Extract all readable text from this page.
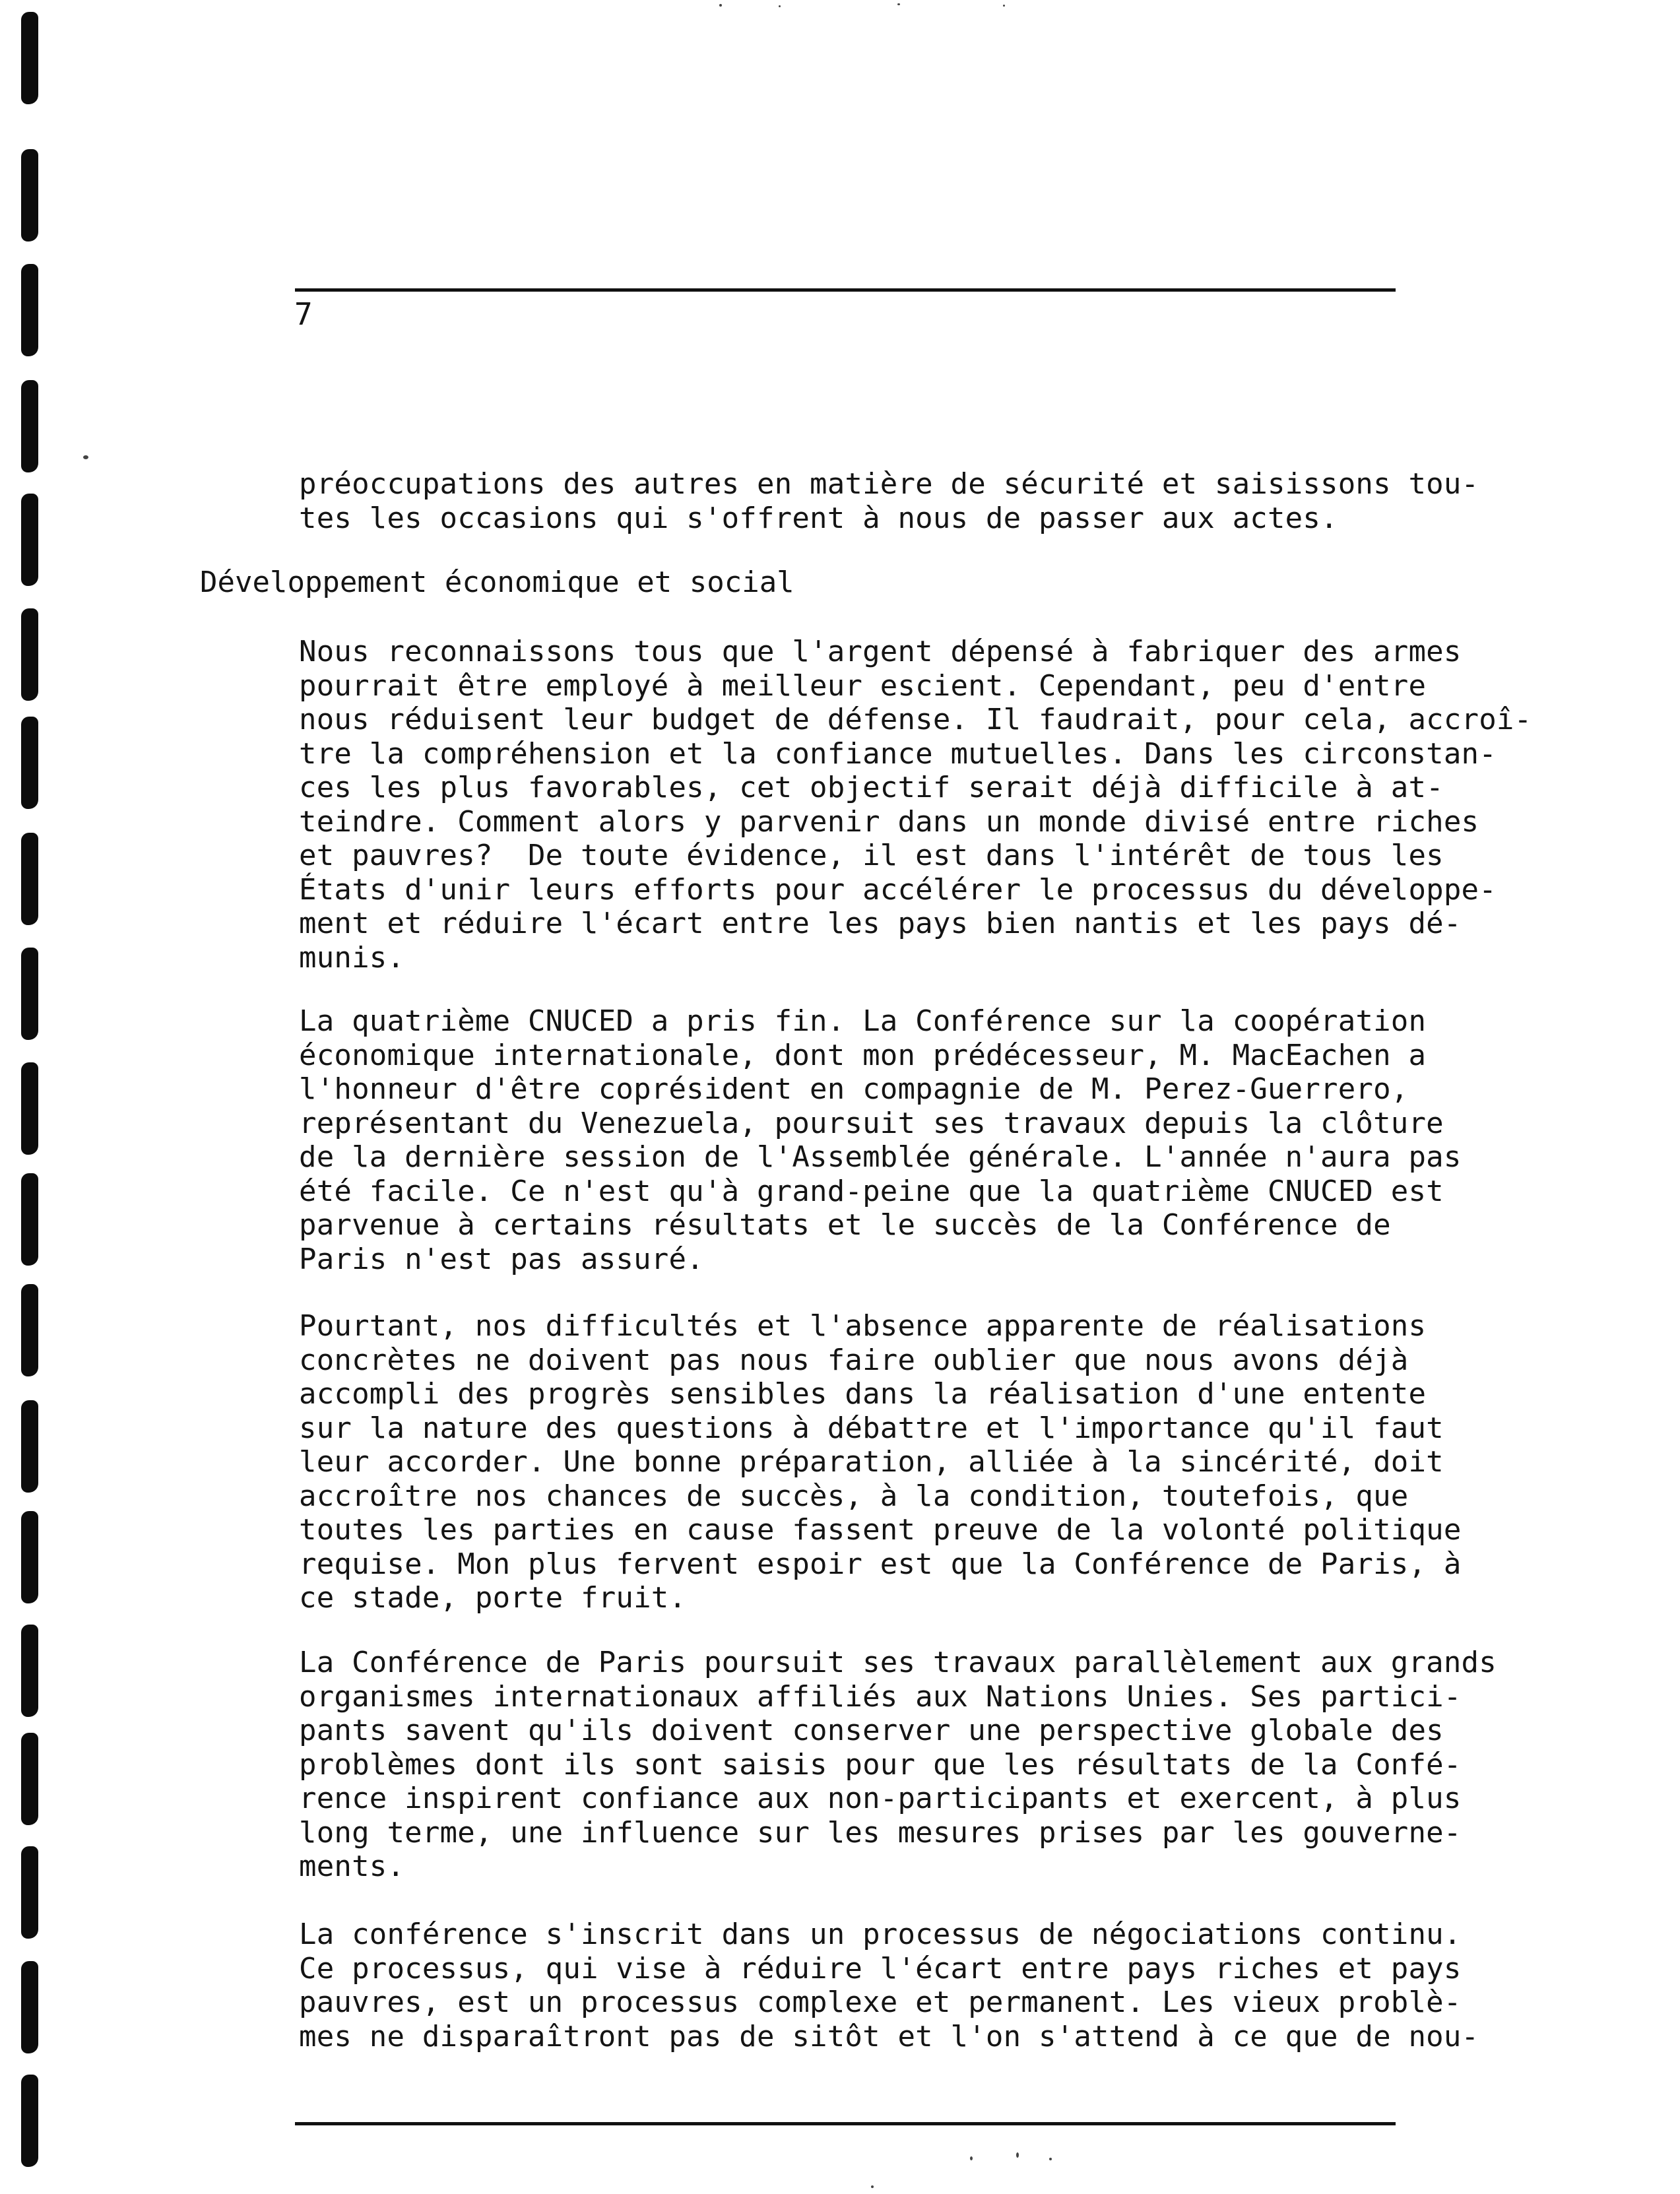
7

préoccupations des autres en matière de sécurité et saisissons tou-
tes les occasions qui s'offrent à nous de passer aux actes.

Développement économique et social

Nous reconnaissons tous que l'argent dépensé à fabriquer des armes
pourrait être employé à meilleur escient. Cependant, peu d'entre
nous réduisent leur budget de défense. Il faudrait, pour cela, accroî-
tre la compréhension et la confiance mutuelles. Dans les circonstan-
ces les plus favorables, cet objectif serait déjà difficile à at-
teindre. Comment alors y parvenir dans un monde divisé entre riches
et pauvres?  De toute évidence, il est dans l'intérêt de tous les
États d'unir leurs efforts pour accélérer le processus du développe-
ment et réduire l'écart entre les pays bien nantis et les pays dé-
munis.

La quatrième CNUCED a pris fin. La Conférence sur la coopération
économique internationale, dont mon prédécesseur, M. MacEachen a
l'honneur d'être coprésident en compagnie de M. Perez-Guerrero,
représentant du Venezuela, poursuit ses travaux depuis la clôture
de la dernière session de l'Assemblée générale. L'année n'aura pas
été facile. Ce n'est qu'à grand-peine que la quatrième CNUCED est
parvenue à certains résultats et le succès de la Conférence de
Paris n'est pas assuré.

Pourtant, nos difficultés et l'absence apparente de réalisations
concrètes ne doivent pas nous faire oublier que nous avons déjà
accompli des progrès sensibles dans la réalisation d'une entente
sur la nature des questions à débattre et l'importance qu'il faut
leur accorder. Une bonne préparation, alliée à la sincérité, doit
accroître nos chances de succès, à la condition, toutefois, que
toutes les parties en cause fassent preuve de la volonté politique
requise. Mon plus fervent espoir est que la Conférence de Paris, à
ce stade, porte fruit.

La Conférence de Paris poursuit ses travaux parallèlement aux grands
organismes internationaux affiliés aux Nations Unies. Ses partici-
pants savent qu'ils doivent conserver une perspective globale des
problèmes dont ils sont saisis pour que les résultats de la Confé-
rence inspirent confiance aux non-participants et exercent, à plus
long terme, une influence sur les mesures prises par les gouverne-
ments.

La conférence s'inscrit dans un processus de négociations continu.
Ce processus, qui vise à réduire l'écart entre pays riches et pays
pauvres, est un processus complexe et permanent. Les vieux problè-
mes ne disparaîtront pas de sitôt et l'on s'attend à ce que de nou-
